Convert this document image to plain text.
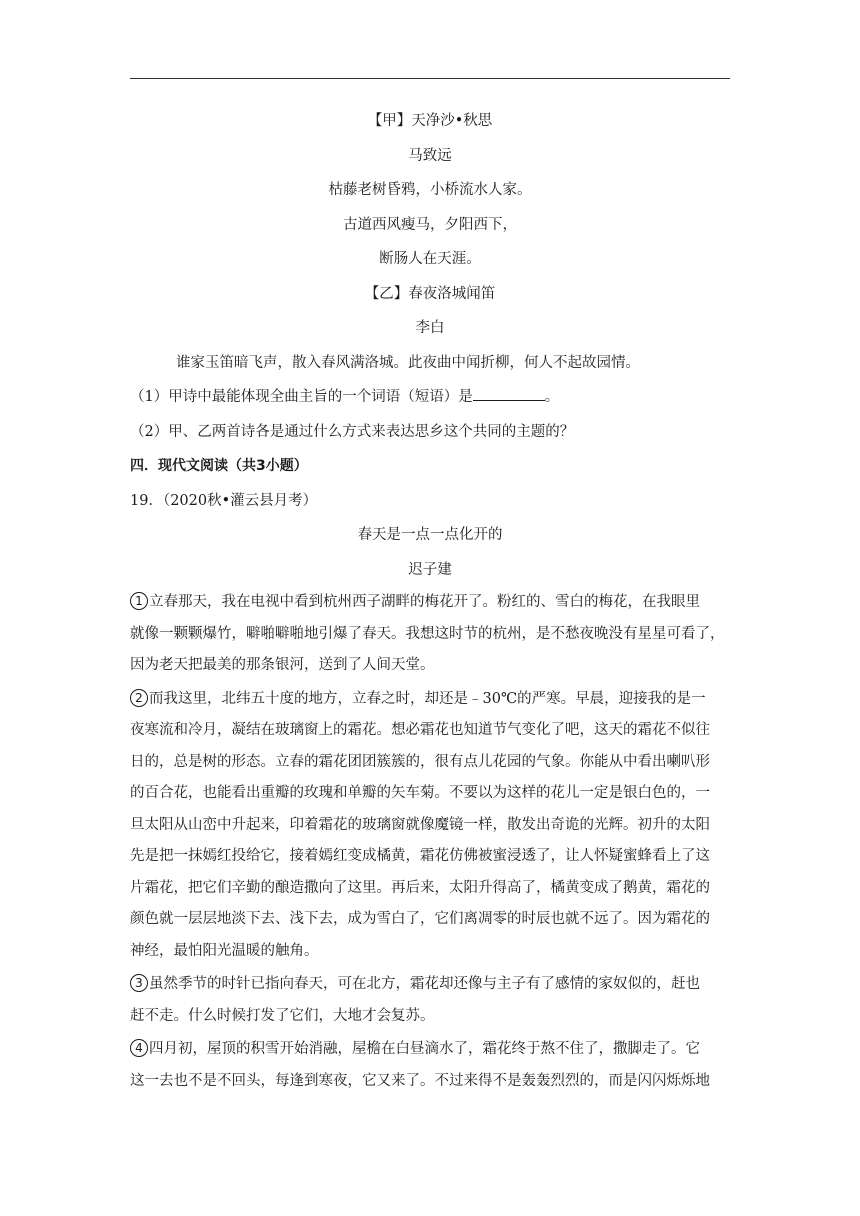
【甲】天净沙•秋思
马致远
枯藤老树昏鸦，小桥流水人家。
古道西风瘦马，夕阳西下，
断肠人在天涯。
【乙】春夜洛城闻笛
李白
谁家玉笛暗飞声，散入春风满洛城。此夜曲中闻折柳，何人不起故园情。
（1）甲诗中最能体现全曲主旨的一个词语（短语）是	。
（2）甲、乙两首诗各是通过什么方式来表达思乡这个共同的主题的？
四．现代文阅读（共3小题）
19．（2020秋•灌云县月考）
春天是一点一点化开的
迟子建
1 立春那天，我在电视中看到杭州西子湖畔的梅花开了。粉红的、雪白的梅花，在我眼里
就像一颗颗爆竹，噼啪噼啪地引爆了春天。我想这时节的杭州，是不愁夜晚没有星星可看了，
因为老天把最美的那条银河，送到了人间天堂。
2 而我这里，北纬五十度的地方，立春之时，却还是﹣30℃的严寒。早晨，迎接我的是一
夜寒流和冷月，凝结在玻璃窗上的霜花。想必霜花也知道节气变化了吧，这天的霜花不似往
日的，总是树的形态。立春的霜花团团簇簇的，很有点儿花园的气象。你能从中看出喇叭形
的百合花，也能看出重瓣的玫瑰和单瓣的矢车菊。不要以为这样的花儿一定是银白色的，一
旦太阳从山峦中升起来，印着霜花的玻璃窗就像魔镜一样，散发出奇诡的光辉。初升的太阳
先是把一抹嫣红投给它，接着嫣红变成橘黄，霜花仿佛被蜜浸透了，让人怀疑蜜蜂看上了这
片霜花，把它们辛勤的酿造撒向了这里。再后来，太阳升得高了，橘黄变成了鹅黄，霜花的
颜色就一层层地淡下去、浅下去，成为雪白了，它们离凋零的时辰也就不远了。因为霜花的
神经，最怕阳光温暖的触角。
3 虽然季节的时针已指向春天，可在北方，霜花却还像与主子有了感情的家奴似的，赶也
赶不走。什么时候打发了它们，大地才会复苏。
4 四月初，屋顶的积雪开始消融，屋檐在白昼滴水了，霜花终于熬不住了，撒脚走了。它
这一去也不是不回头，每逢到寒夜，它又来了。不过来得不是轰轰烈烈的，而是闪闪烁烁地
